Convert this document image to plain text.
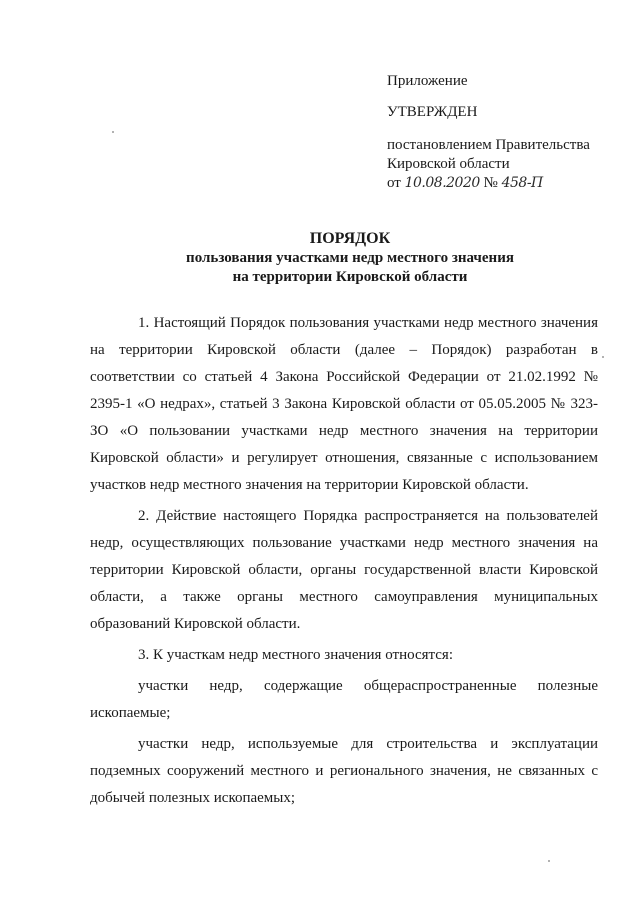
Приложение
УТВЕРЖДЕН
постановлением Правительства
Кировской области
от 10.08.2020 № 458-П
ПОРЯДОК
пользования участками недр местного значения
на территории Кировской области

1. Настоящий Порядок пользования участками недр местного значения на территории Кировской области (далее – Порядок) разработан в соответствии со статьей 4 Закона Российской Федерации от 21.02.1992 № 2395-1 «О недрах», статьей 3 Закона Кировской области от 05.05.2005 № 323-ЗО «О пользовании участками недр местного значения на территории Кировской области» и регулирует отношения, связанные с использованием участков недр местного значения на территории Кировской области.

2. Действие настоящего Порядка распространяется на пользователей недр, осуществляющих пользование участками недр местного значения на территории Кировской области, органы государственной власти Кировской области, а также органы местного самоуправления муниципальных образований Кировской области.

3. К участкам недр местного значения относятся:

участки недр, содержащие общераспространенные полезные ископаемые;

участки недр, используемые для строительства и эксплуатации подземных сооружений местного и регионального значения, не связанных с добычей полезных ископаемых;
